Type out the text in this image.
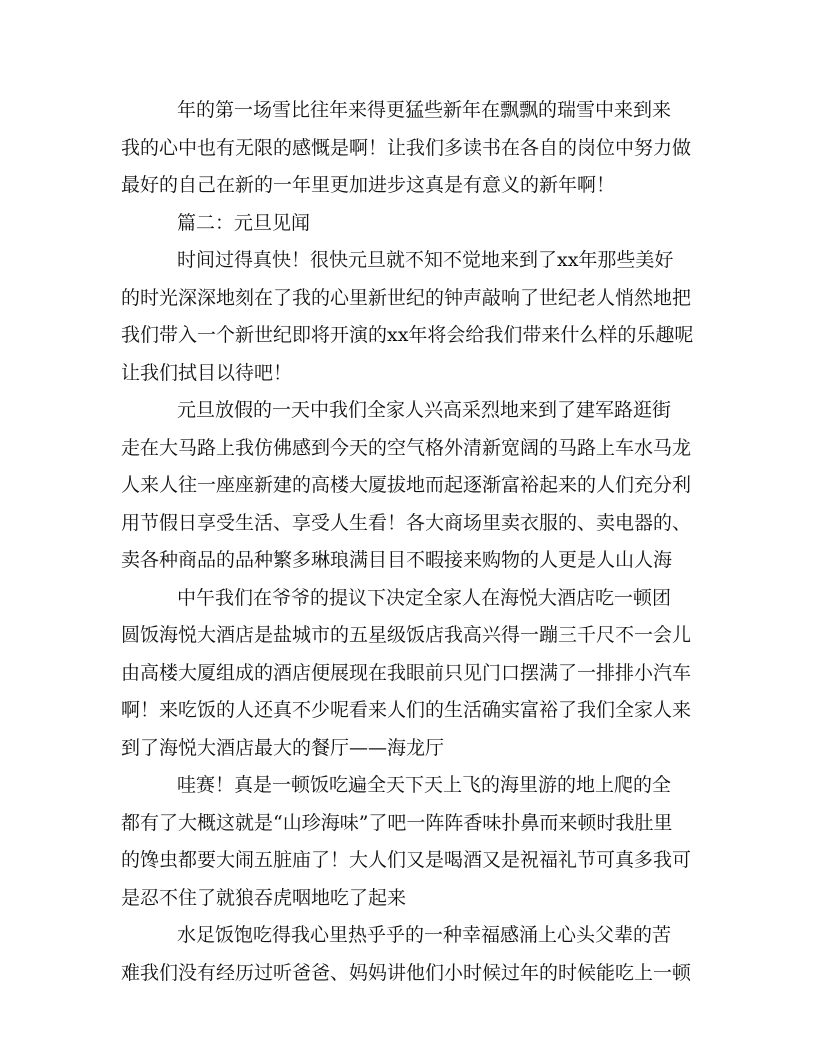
年的第一场雪比往年来得更猛些新年在飘飘的瑞雪中来到来
我的心中也有无限的感慨是啊！让我们多读书在各自的岗位中努力做
最好的自己在新的一年里更加进步这真是有意义的新年啊！
篇二：元旦见闻
时间过得真快！很快元旦就不知不觉地来到了xx年那些美好
的时光深深地刻在了我的心里新世纪的钟声敲响了世纪老人悄然地把
我们带入一个新世纪即将开演的xx年将会给我们带来什么样的乐趣呢
让我们拭目以待吧！
元旦放假的一天中我们全家人兴高采烈地来到了建军路逛街
走在大马路上我仿佛感到今天的空气格外清新宽阔的马路上车水马龙
人来人往一座座新建的高楼大厦拔地而起逐渐富裕起来的人们充分利
用节假日享受生活、享受人生看！各大商场里卖衣服的、卖电器的、
卖各种商品的品种繁多琳琅满目目不暇接来购物的人更是人山人海
中午我们在爷爷的提议下决定全家人在海悦大酒店吃一顿团
圆饭海悦大酒店是盐城市的五星级饭店我高兴得一蹦三千尺不一会儿
由高楼大厦组成的酒店便展现在我眼前只见门口摆满了一排排小汽车
啊！来吃饭的人还真不少呢看来人们的生活确实富裕了我们全家人来
到了海悦大酒店最大的餐厅——海龙厅
哇赛！真是一顿饭吃遍全天下天上飞的海里游的地上爬的全
都有了大概这就是“山珍海味”了吧一阵阵香味扑鼻而来顿时我肚里
的馋虫都要大闹五脏庙了！大人们又是喝酒又是祝福礼节可真多我可
是忍不住了就狼吞虎咽地吃了起来
水足饭饱吃得我心里热乎乎的一种幸福感涌上心头父辈的苦
难我们没有经历过听爸爸、妈妈讲他们小时候过年的时候能吃上一顿
